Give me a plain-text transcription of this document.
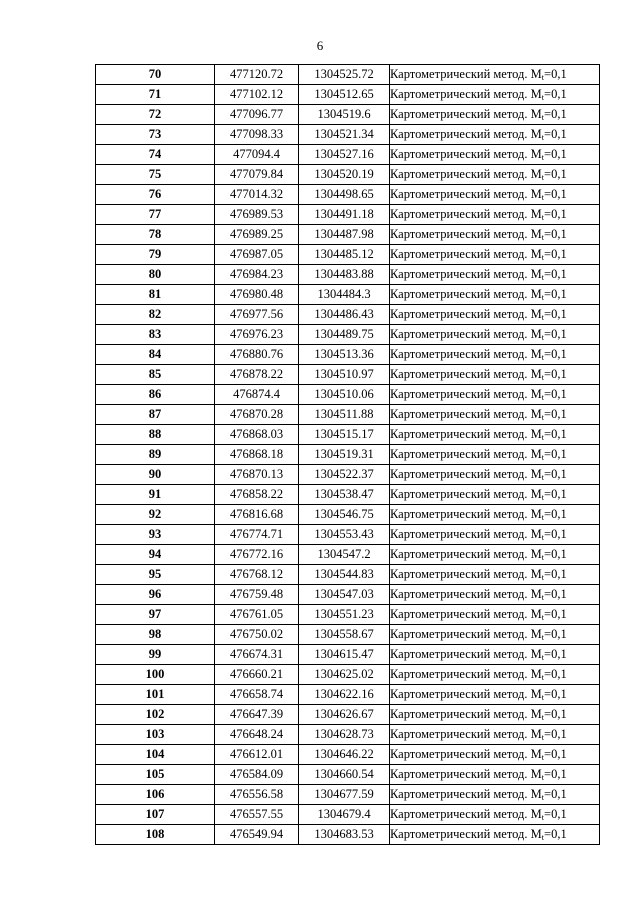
6
70	477120.72	1304525.72	Картометрический метод. $M_t=0,1$
71	477102.12	1304512.65	Картометрический метод. $M_t=0,1$
72	477096.77	1304519.6	Картометрический метод. $M_t=0,1$
73	477098.33	1304521.34	Картометрический метод. $M_t=0,1$
74	477094.4	1304527.16	Картометрический метод. $M_t=0,1$
75	477079.84	1304520.19	Картометрический метод. $M_t=0,1$
76	477014.32	1304498.65	Картометрический метод. $M_t=0,1$
77	476989.53	1304491.18	Картометрический метод. $M_t=0,1$
78	476989.25	1304487.98	Картометрический метод. $M_t=0,1$
79	476987.05	1304485.12	Картометрический метод. $M_t=0,1$
80	476984.23	1304483.88	Картометрический метод. $M_t=0,1$
81	476980.48	1304484.3	Картометрический метод. $M_t=0,1$
82	476977.56	1304486.43	Картометрический метод. $M_t=0,1$
83	476976.23	1304489.75	Картометрический метод. $M_t=0,1$
84	476880.76	1304513.36	Картометрический метод. $M_t=0,1$
85	476878.22	1304510.97	Картометрический метод. $M_t=0,1$
86	476874.4	1304510.06	Картометрический метод. $M_t=0,1$
87	476870.28	1304511.88	Картометрический метод. $M_t=0,1$
88	476868.03	1304515.17	Картометрический метод. $M_t=0,1$
89	476868.18	1304519.31	Картометрический метод. $M_t=0,1$
90	476870.13	1304522.37	Картометрический метод. $M_t=0,1$
91	476858.22	1304538.47	Картометрический метод. $M_t=0,1$
92	476816.68	1304546.75	Картометрический метод. $M_t=0,1$
93	476774.71	1304553.43	Картометрический метод. $M_t=0,1$
94	476772.16	1304547.2	Картометрический метод. $M_t=0,1$
95	476768.12	1304544.83	Картометрический метод. $M_t=0,1$
96	476759.48	1304547.03	Картометрический метод. $M_t=0,1$
97	476761.05	1304551.23	Картометрический метод. $M_t=0,1$
98	476750.02	1304558.67	Картометрический метод. $M_t=0,1$
99	476674.31	1304615.47	Картометрический метод. $M_t=0,1$
100	476660.21	1304625.02	Картометрический метод. $M_t=0,1$
101	476658.74	1304622.16	Картометрический метод. $M_t=0,1$
102	476647.39	1304626.67	Картометрический метод. $M_t=0,1$
103	476648.24	1304628.73	Картометрический метод. $M_t=0,1$
104	476612.01	1304646.22	Картометрический метод. $M_t=0,1$
105	476584.09	1304660.54	Картометрический метод. $M_t=0,1$
106	476556.58	1304677.59	Картометрический метод. $M_t=0,1$
107	476557.55	1304679.4	Картометрический метод. $M_t=0,1$
108	476549.94	1304683.53	Картометрический метод. $M_t=0,1$
